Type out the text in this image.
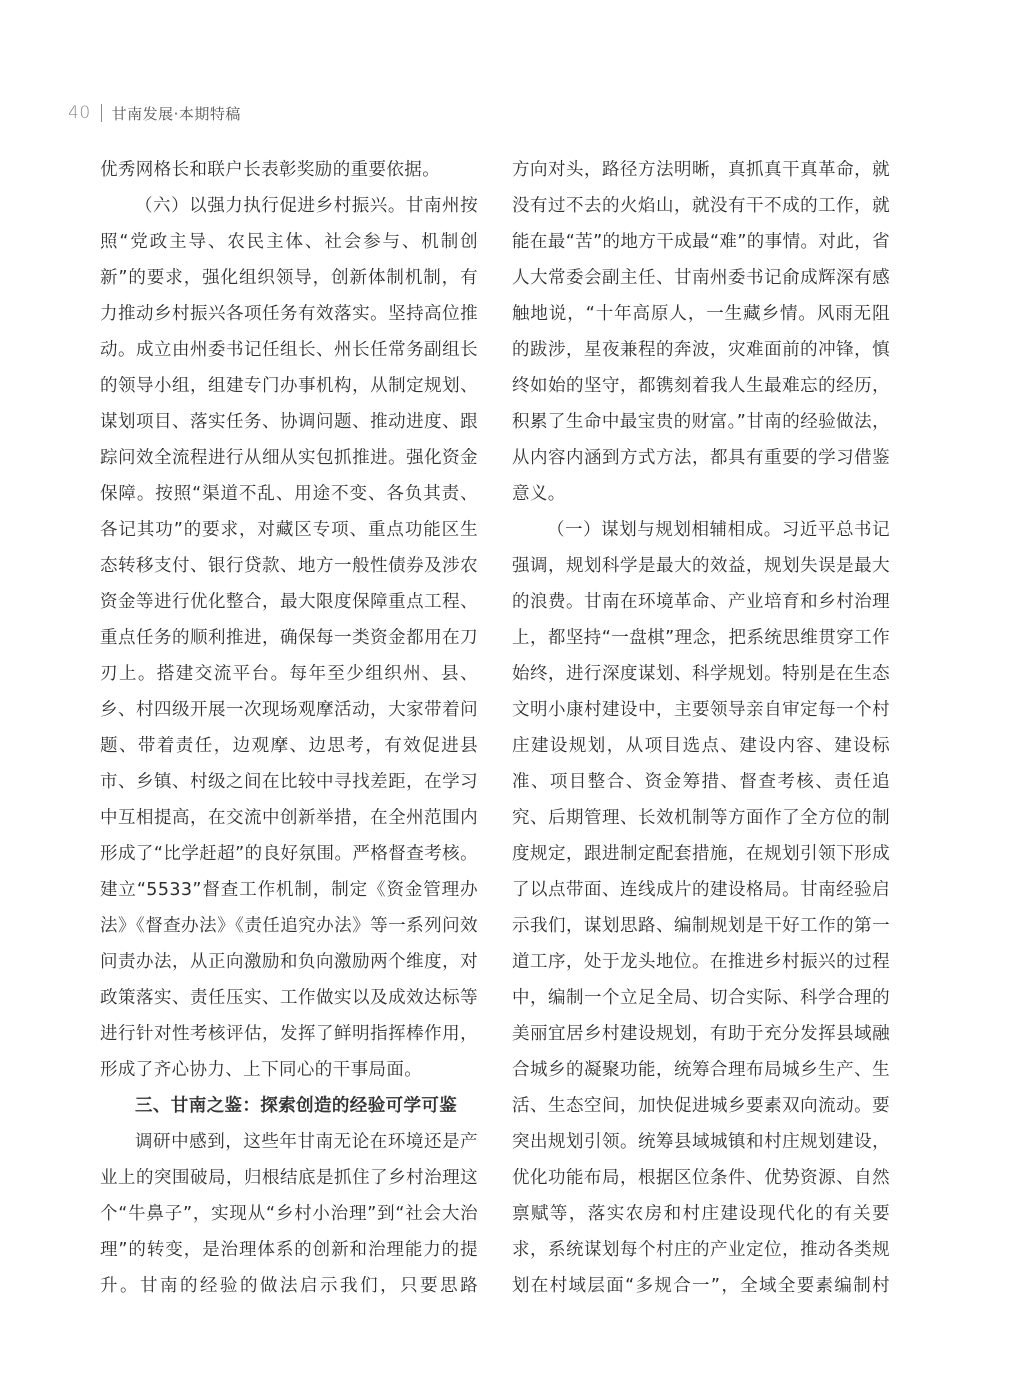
40 甘南发展·本期特稿

优秀网格长和联户长表彰奖励的重要依据。

（六）以强力执行促进乡村振兴。甘南州按照“党政主导、农民主体、社会参与、机制创新”的要求，强化组织领导，创新体制机制，有力推动乡村振兴各项任务有效落实。坚持高位推动。成立由州委书记任组长、州长任常务副组长的领导小组，组建专门办事机构，从制定规划、谋划项目、落实任务、协调问题、推动进度、跟踪问效全流程进行从细从实包抓推进。强化资金保障。按照“渠道不乱、用途不变、各负其责、各记其功”的要求，对藏区专项、重点功能区生态转移支付、银行贷款、地方一般性债券及涉农资金等进行优化整合，最大限度保障重点工程、重点任务的顺利推进，确保每一类资金都用在刀刃上。搭建交流平台。每年至少组织州、县、乡、村四级开展一次现场观摩活动，大家带着问题、带着责任，边观摩、边思考，有效促进县市、乡镇、村级之间在比较中寻找差距，在学习中互相提高，在交流中创新举措，在全州范围内形成了“比学赶超”的良好氛围。严格督查考核。建立“5533”督查工作机制，制定《资金管理办法》《督查办法》《责任追究办法》等一系列问效问责办法，从正向激励和负向激励两个维度，对政策落实、责任压实、工作做实以及成效达标等进行针对性考核评估，发挥了鲜明指挥棒作用，形成了齐心协力、上下同心的干事局面。

三、甘南之鉴：探索创造的经验可学可鉴

调研中感到，这些年甘南无论在环境还是产业上的突围破局，归根结底是抓住了乡村治理这个“牛鼻子”，实现从“乡村小治理”到“社会大治理”的转变，是治理体系的创新和治理能力的提升。甘南的经验的做法启示我们，只要思路

方向对头，路径方法明晰，真抓真干真革命，就没有过不去的火焰山，就没有干不成的工作，就能在最“苦”的地方干成最“难”的事情。对此，省人大常委会副主任、甘南州委书记俞成辉深有感触地说，“十年高原人，一生藏乡情。风雨无阻的跋涉，星夜兼程的奔波，灾难面前的冲锋，慎终如始的坚守，都镌刻着我人生最难忘的经历，积累了生命中最宝贵的财富。”甘南的经验做法，从内容内涵到方式方法，都具有重要的学习借鉴意义。

（一）谋划与规划相辅相成。习近平总书记强调，规划科学是最大的效益，规划失误是最大的浪费。甘南在环境革命、产业培育和乡村治理上，都坚持“一盘棋”理念，把系统思维贯穿工作始终，进行深度谋划、科学规划。特别是在生态文明小康村建设中，主要领导亲自审定每一个村庄建设规划，从项目选点、建设内容、建设标准、项目整合、资金筹措、督查考核、责任追究、后期管理、长效机制等方面作了全方位的制度规定，跟进制定配套措施，在规划引领下形成了以点带面、连线成片的建设格局。甘南经验启示我们，谋划思路、编制规划是干好工作的第一道工序，处于龙头地位。在推进乡村振兴的过程中，编制一个立足全局、切合实际、科学合理的美丽宜居乡村建设规划，有助于充分发挥县域融合城乡的凝聚功能，统筹合理布局城乡生产、生活、生态空间，加快促进城乡要素双向流动。要突出规划引领。统筹县域城镇和村庄规划建设，优化功能布局，根据区位条件、优势资源、自然禀赋等，落实农房和村庄建设现代化的有关要求，系统谋划每个村庄的产业定位，推动各类规划在村域层面“多规合一”，全域全要素编制村
